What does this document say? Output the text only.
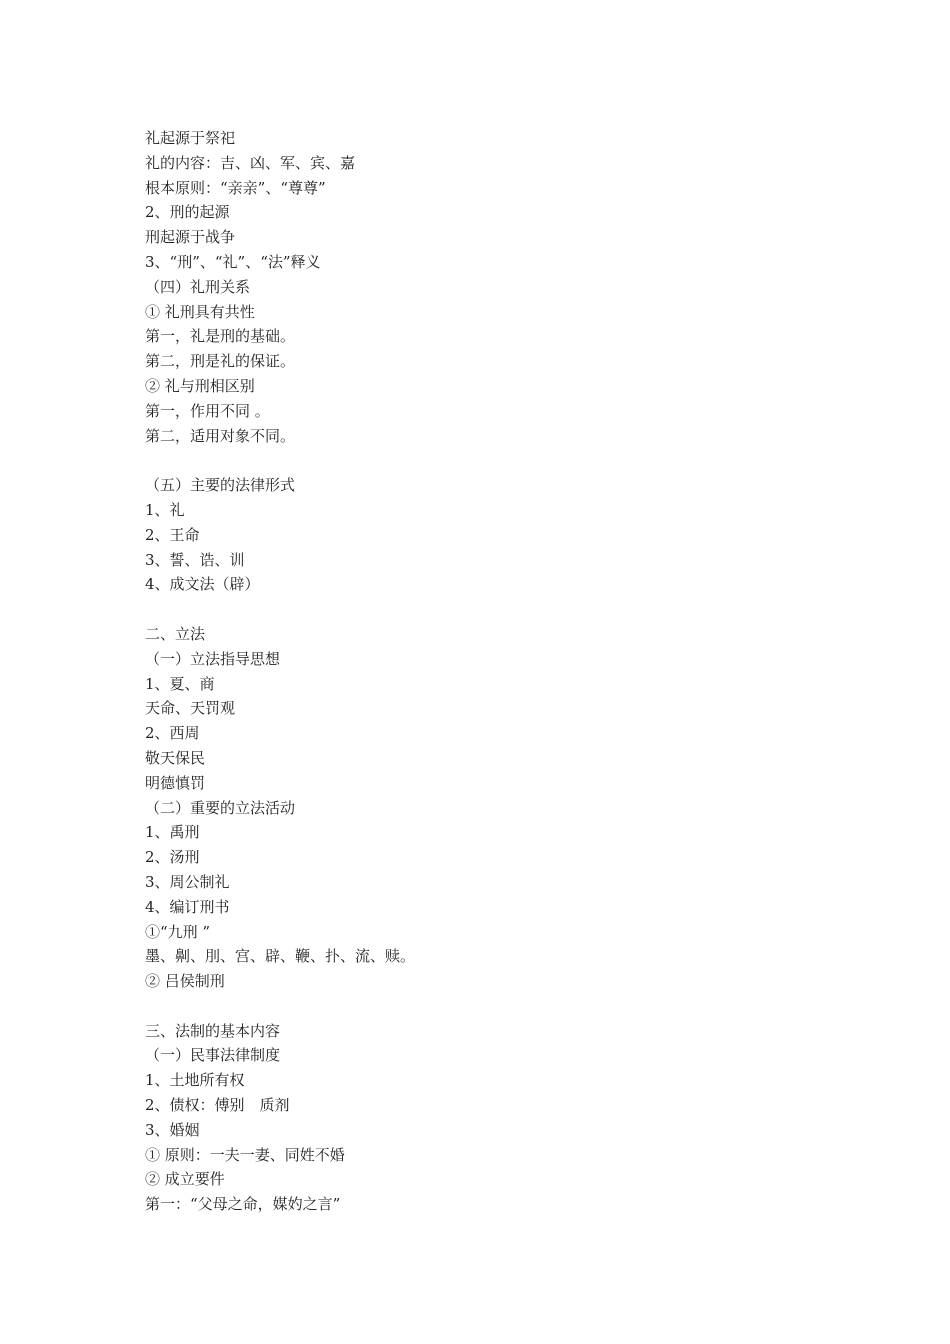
礼起源于祭祀
礼的内容：吉、凶、军、宾、嘉
根本原则：“亲亲”、“尊尊”
2、刑的起源
刑起源于战争
3、“刑”、“礼”、“法”释义
（四）礼刑关系
① 礼刑具有共性
第一，礼是刑的基础。
第二，刑是礼的保证。
② 礼与刑相区别
第一，作用不同 。
第二，适用对象不同。
（五）主要的法律形式
1、礼
2、王命
3、誓、诰、训
4、成文法（辟）
二、立法
（一）立法指导思想
1、夏、商
天命、天罚观
2、西周
敬天保民
明德慎罚
（二）重要的立法活动
1、禹刑
2、汤刑
3、周公制礼
4、编订刑书
①“九刑 ”
墨、劓、刖、宫、辟、鞭、扑、流、赎。
② 吕侯制刑
三、法制的基本内容
（一）民事法律制度
1、土地所有权
2、债权：傅别　质剂
3、婚姻
① 原则：一夫一妻、同姓不婚
② 成立要件
第一：“父母之命，媒妁之言”
